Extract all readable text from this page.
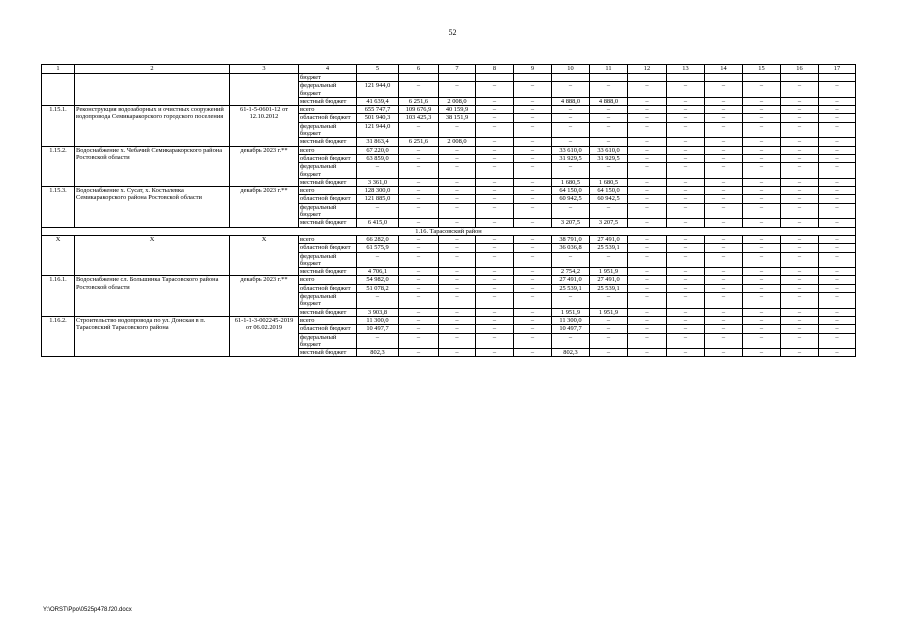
52
1	2	3	4	5	6	7	8	9	10	11	12	13	14	15	16	17
			бюджет													
			федеральный бюджет	121 944,0	–	–	–	–	–	–	–	–	–	–	–	–
			местный бюджет	41 639,4	6 251,6	2 008,0	–	–	4 888,0	4 888,0	–	–	–	–	–	–
1.15.1.	Реконструкция водозаборных и очистных сооружений водопровода Семикаракорского городского поселения	61-1-5-0601-12 от 12.10.2012	всего	655 747,7	109 676,9	40 159,9	–	–	–	–	–	–	–	–	–	–
			областной бюджет	501 940,3	103 425,3	38 151,9	–	–	–	–	–	–	–	–	–	–
			федеральный бюджет	121 944,0	–	–	–	–	–	–	–	–	–	–	–	–
			местный бюджет	31 863,4	6 251,6	2 008,0	–	–	–	–	–	–	–	–	–	–
1.15.2.	Водоснабжение х. Чебачий Семикаракорского района Ростовской области	декабрь 2023 г.**	всего	67 220,0	–	–	–	–	33 610,0	33 610,0	–	–	–	–	–	–
			областной бюджет	63 859,0	–	–	–	–	31 929,5	31 929,5	–	–	–	–	–	–
			федеральный бюджет	–	–	–	–	–	–	–	–	–	–	–	–	–
			местный бюджет	3 361,0	–	–	–	–	1 680,5	1 680,5	–	–	–	–	–	–
1.15.3.	Водоснабжение х. Сусат, х. Костылевка Семикаракорского района Ростовской области	декабрь 2023 г.**	всего	128 300,0	–	–	–	–	64 150,0	64 150,0	–	–	–	–	–	–
			областной бюджет	121 885,0	–	–	–	–	60 942,5	60 942,5	–	–	–	–	–	–
			федеральный бюджет	–	–	–	–	–	–	–	–	–	–	–	–	–
			местный бюджет	6 415,0	–	–	–	–	3 207,5	3 207,5	–	–	–	–	–	–
1.16. Тарасовский район																
Х	Х	Х	всего	66 282,0	–	–	–	–	38 791,0	27 491,0	–	–	–	–	–	–
			областной бюджет	61 575,9	–	–	–	–	36 036,8	25 539,1	–	–	–	–	–	–
			федеральный бюджет	–	–	–	–	–	–	–	–	–	–	–	–	–
			местный бюджет	4 706,1	–	–	–	–	2 754,2	1 951,9	–	–	–	–	–	–
1.16.1.	Водоснабжение сл. Большинка Тарасовского района Ростовской области	декабрь 2023 г.**	всего	54 982,0	–	–	–	–	27 491,0	27 491,0	–	–	–	–	–	–
			областной бюджет	51 078,2	–	–	–	–	25 539,1	25 539,1	–	–	–	–	–	–
			федеральный бюджет	–	–	–	–	–	–	–	–	–	–	–	–	–
			местный бюджет	3 903,8	–	–	–	–	1 951,9	1 951,9	–	–	–	–	–	–
1.16.2.	Строительство водопровода по ул. Донская в п. Тарасовский Тарасовского района	61-1-1-3-002245-2019 от 06.02.2019	всего	11 300,0	–	–	–	–	11 300,0	–	–	–	–	–	–	–
			областной бюджет	10 497,7	–	–	–	–	10 497,7	–	–	–	–	–	–	–
			федеральный бюджет	–	–	–	–	–	–	–	–	–	–	–	–	–
			местный бюджет	802,3	–	–	–	–	802,3	–	–	–	–	–	–	–
Y:\ORST\Ppo\0525p478.f20.docx
